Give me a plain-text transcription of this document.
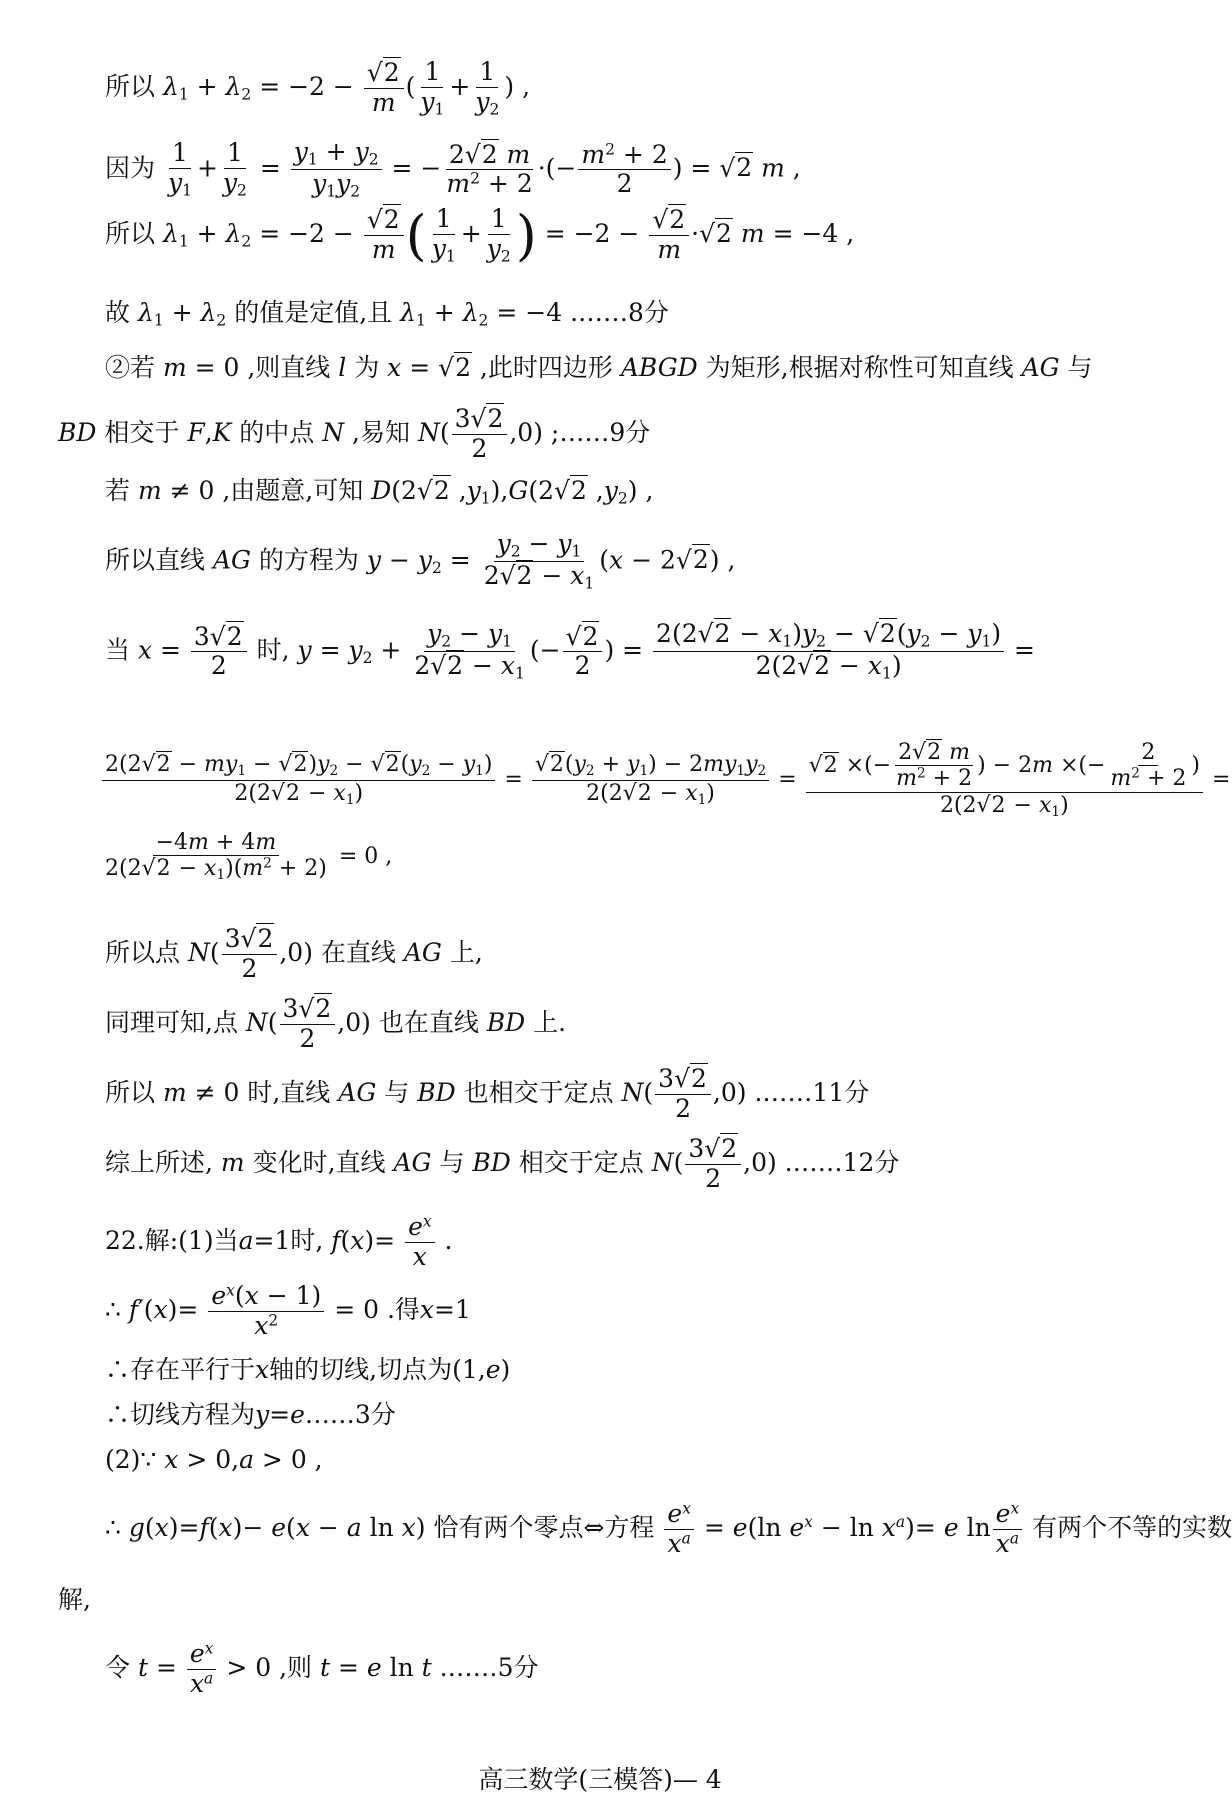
所以 $\lambda_1 + \lambda_2 = -2 - \frac{√2}{m}$ ( $\frac{1}{y_1} + \frac{1}{y_2}$ ) ,
因为 $\frac{1}{y_1} + \frac{1}{y_2} = \frac{y_1 + y_2}{y_1y_2}$ = − $\frac{2√2 m}{m^2 + 2}$ ·(− $\frac{m^2 + 2}{2}$ ) = √2 m ,
所以 $\lambda_1 + \lambda_2 = -2 - \frac{√2}{m}$ ( $\frac{1}{y_1} + \frac{1}{y_2}$ ) = $-2 - \frac{√2}{m} \cdot√2$ m = −4 ,
故 $\lambda_1 + \lambda_2$ 的值是定值,且 $\lambda_1 + \lambda_2 = -4$ .……8分
②若 m = 0 ,则直线 l 为 x = √2 ,此时四边形 ABGD 为矩形,根据对称性可知直线 AG 与
BD 相交于 F,K 的中点 N ,易知 $N( \frac{3√2}{2} ,0)$ ;……9分
若 m ≠ 0 ,由题意,可知 D(2√2 $,y_1),G(2√2$ $,y_2$) ,
所以直线 AG 的方程为 $y - y_2 = \frac{y_2 - y_1}{2√2 - x_1} (x - 2√2)$ ,
当 $x = \frac{3√2}{2}$ 时, $y = y_2 + \frac{y_2 - y_1}{2√2 - x_1}$ (− $\frac{√2}{2}$ ) = $\frac{2(2√2 - x_1)y_2 - √2(y_2 - y_1)}{2(2√2 - x_1)}$ =
$\frac{2(2√2 - my_1 - √2)y_2 - √2(y_2 - y_1)}{2(2√2 - x_1)} = \frac{√2(y_2 + y_1) - 2my_1y_2}{2(2√2 - x_1)} = \frac{√2 \times(- \frac{2√2 m}{m^2 + 2} ) - 2m \times(- \frac{2}{m^2 + 2} )}{2(2√2 - x_1)}$ =
$\frac{-4m + 4m}{2(2√2 - x_1)(m^2 + 2)} = 0$ ,
所以点 $N( \frac{3√2}{2} ,0)$ 在直线 AG 上,
同理可知,点 $N( \frac{3√2}{2} ,0)$ 也在直线 BD 上.
所以 m ≠ 0 时,直线 AG 与 BD 也相交于定点 $N( \frac{3√2}{2} ,0)$ .……11分
综上所述, m 变化时,直线 AG 与 BD 相交于定点 $N( \frac{3√2}{2} ,0)$ .……12分
22.解:(1)当a=1时, $f(x)= \frac{e^x}{x}$ .
∴ $f'(x)= \frac{e^x(x - 1)}{x^2} = 0$ .得x=1
∴存在平行于x轴的切线,切点为(1,e)
∴切线方程为y=e……3分
(2)∵ x > 0,a > 0 ,
∴ g(x)=f(x)− e(x − a ln x) 恰有两个零点⇔方程 $\frac{e^x}{x^a} = e(\ln$ $e^x - \ln x^a)= e$ $\ln \frac{e^x}{x^a}$ 有两个不等的实数
解,
令 $t = \frac{e^x}{x^a} > 0$ ,则 t = e ln t .……5分
高三数学(三模答)— 4
